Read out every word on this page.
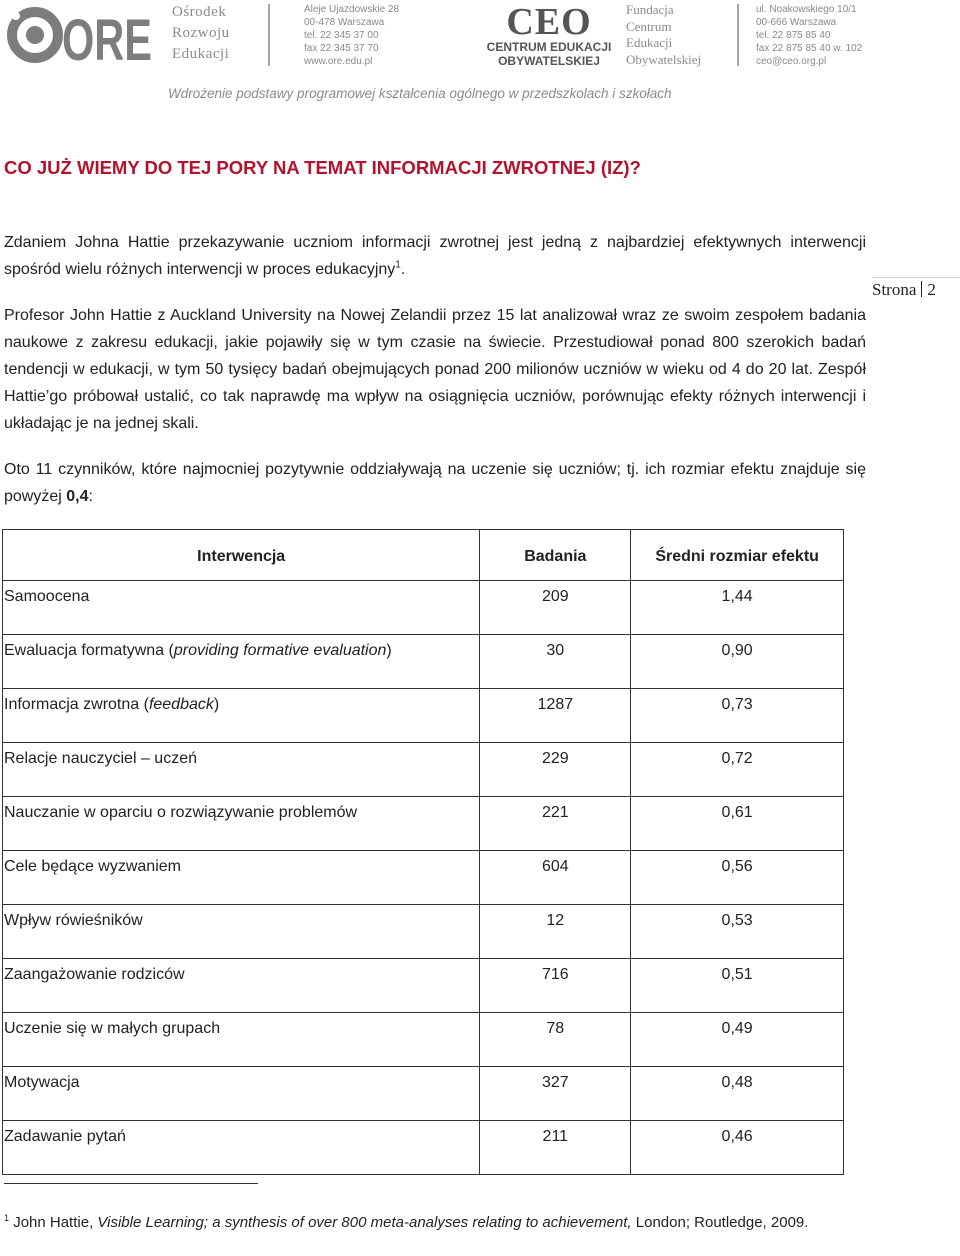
ORE Ośrodek
Rozwoju
Edukacji
Aleje Ujazdowskie 28
00-478 Warszawa
tel. 22 345 37 00
fax 22 345 37 70
www.ore.edu.pl
CEO
CENTRUM EDUKACJI
OBYWATELSKIEJ
Fundacja
Centrum
Edukacji
Obywatelskiej
ul. Noakowskiego 10/1
00-666 Warszawa
tel. 22 875 85 40
fax 22 875 85 40 w. 102
ceo@ceo.org.pl
Wdrożenie podstawy programowej kształcenia ogólnego w przedszkolach i szkołach
Strona 2
CO JUŻ WIEMY DO TEJ PORY NA TEMAT INFORMACJI ZWROTNEJ (IZ)?
Zdaniem Johna Hattie przekazywanie uczniom informacji zwrotnej jest jedną z najbardziej efektywnych interwencji spośród wielu różnych interwencji w proces edukacyjny$^1$.
Profesor John Hattie z Auckland University na Nowej Zelandii przez 15 lat analizował wraz ze swoim zespołem badania naukowe z zakresu edukacji, jakie pojawiły się w tym czasie na świecie. Przestudiował ponad 800 szerokich badań tendencji w edukacji, w tym 50 tysięcy badań obejmujących ponad 200 milionów uczniów w wieku od 4 do 20 lat. Zespół Hattie’go próbował ustalić, co tak naprawdę ma wpływ na osiągnięcia uczniów, porównując efekty różnych interwencji i układając je na jednej skali.
Oto 11 czynników, które najmocniej pozytywnie oddziaływają na uczenie się uczniów; tj. ich rozmiar efektu znajduje się powyżej 0,4:
Interwencja	Badania	Średni rozmiar efektu
Samoocena	209	1,44
Ewaluacja formatywna (providing formative evaluation)	30	0,90
Informacja zwrotna (feedback)	1287	0,73
Relacje nauczyciel – uczeń	229	0,72
Nauczanie w oparciu o rozwiązywanie problemów	221	0,61
Cele będące wyzwaniem	604	0,56
Wpływ rówieśników	12	0,53
Zaangażowanie rodziców	716	0,51
Uczenie się w małych grupach	78	0,49
Motywacja	327	0,48
Zadawanie pytań	211	0,46
$^1$ John Hattie, Visible Learning; a synthesis of over 800 meta-analyses relating to achievement, London; Routledge, 2009.
